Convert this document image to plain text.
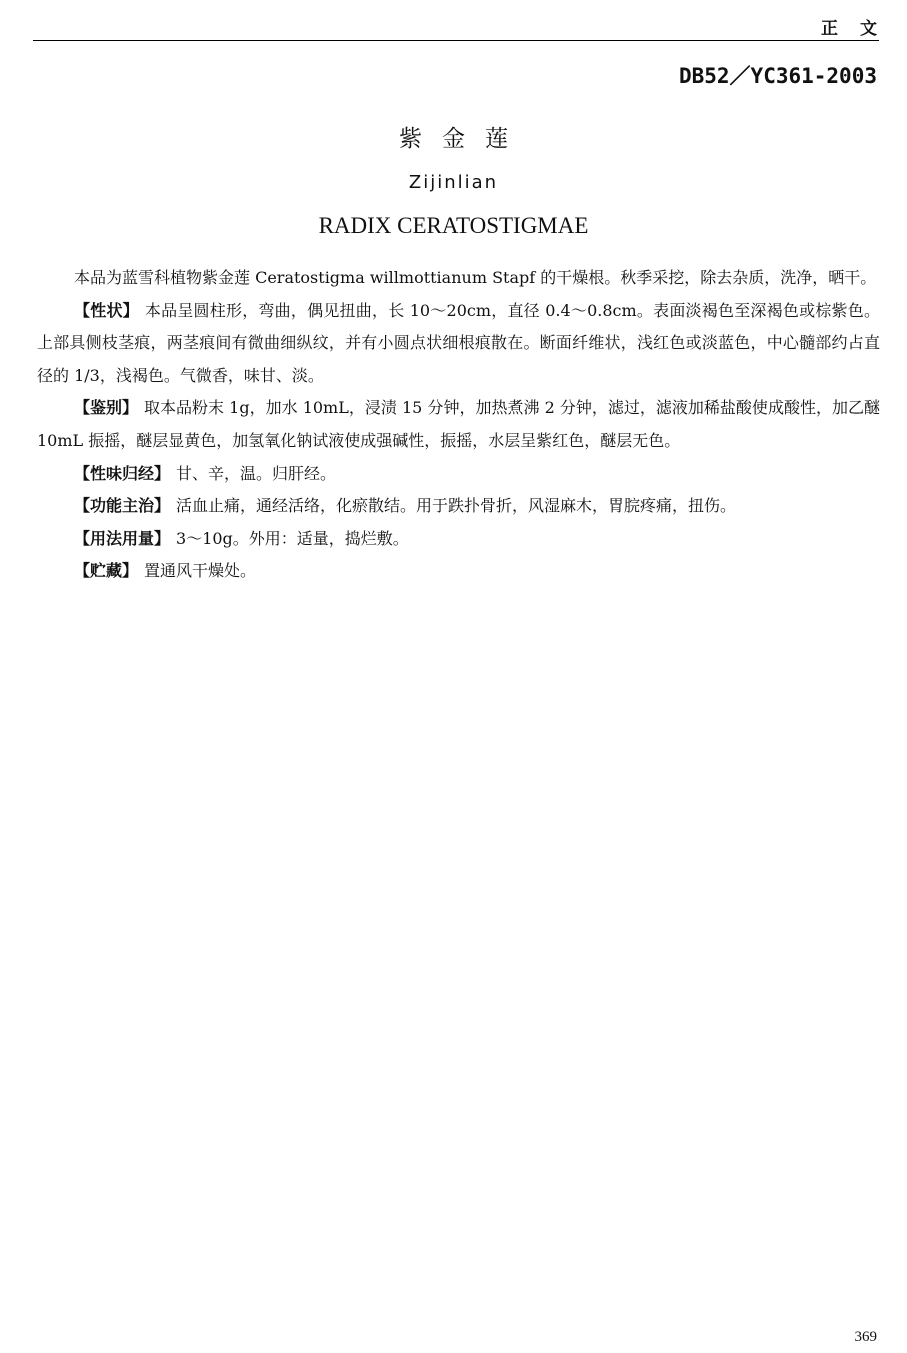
正文
DB52／YC361-2003
紫金莲
Zijinlian
RADIX CERATOSTIGMAE

本品为蓝雪科植物紫金莲 Ceratostigma willmottianum Stapf 的干燥根。秋季采挖，除去杂质，洗净，晒干。

【性状】 本品呈圆柱形，弯曲，偶见扭曲，长 10～20cm，直径 0.4～0.8cm。表面淡褐色至深褐色或棕紫色。上部具侧枝茎痕，两茎痕间有微曲细纵纹，并有小圆点状细根痕散在。断面纤维状，浅红色或淡蓝色，中心髓部约占直径的 1/3，浅褐色。气微香，味甘、淡。

【鉴别】 取本品粉末 1g，加水 10mL，浸渍 15 分钟，加热煮沸 2 分钟，滤过，滤液加稀盐酸使成酸性，加乙醚 10mL 振摇，醚层显黄色，加氢氧化钠试液使成强碱性，振摇，水层呈紫红色，醚层无色。

【性味归经】 甘、辛，温。归肝经。

【功能主治】 活血止痛，通经活络，化瘀散结。用于跌扑骨折，风湿麻木，胃脘疼痛，扭伤。

【用法用量】 3～10g。外用：适量，捣烂敷。

【贮藏】 置通风干燥处。

369
